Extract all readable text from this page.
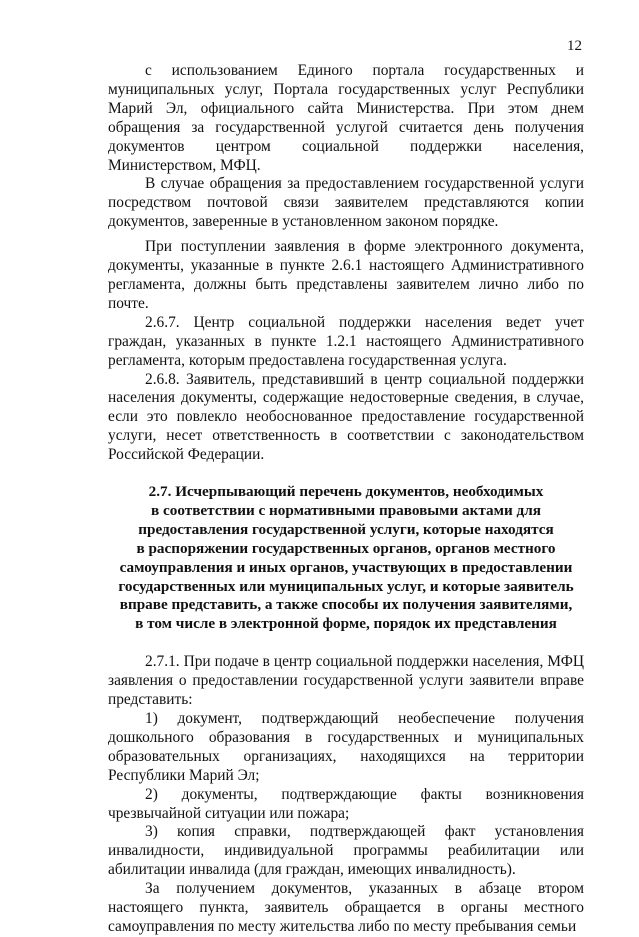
12

с использованием Единого портала государственных и муниципальных услуг, Портала государственных услуг Республики Марий Эл, официального сайта Министерства. При этом днем обращения за государственной услугой считается день получения документов центром социальной поддержки населения, Министерством, МФЦ.

В случае обращения за предоставлением государственной услуги посредством почтовой связи заявителем представляются копии документов, заверенные в установленном законом порядке.

При поступлении заявления в форме электронного документа, документы, указанные в пункте 2.6.1 настоящего Административного регламента, должны быть представлены заявителем лично либо по почте.

2.6.7. Центр социальной поддержки населения ведет учет граждан, указанных в пункте 1.2.1 настоящего Административного регламента, которым предоставлена государственная услуга.

2.6.8. Заявитель, представивший в центр социальной поддержки населения документы, содержащие недостоверные сведения, в случае, если это повлекло необоснованное предоставление государственной услуги, несет ответственность в соответствии с законодательством Российской Федерации.

2.7. Исчерпывающий перечень документов, необходимых
в соответствии с нормативными правовыми актами для
предоставления государственной услуги, которые находятся
в распоряжении государственных органов, органов местного
самоуправления и иных органов, участвующих в предоставлении
государственных или муниципальных услуг, и которые заявитель
вправе представить, а также способы их получения заявителями,
в том числе в электронной форме, порядок их представления

2.7.1. При подаче в центр социальной поддержки населения, МФЦ заявления о предоставлении государственной услуги заявители вправе представить:

1) документ, подтверждающий необеспечение получения дошкольного образования в государственных и муниципальных образовательных организациях, находящихся на территории Республики Марий Эл;

2) документы, подтверждающие факты возникновения чрезвычайной ситуации или пожара;

3) копия справки, подтверждающей факт установления инвалидности, индивидуальной программы реабилитации или абилитации инвалида (для граждан, имеющих инвалидность).

За получением документов, указанных в абзаце втором настоящего пункта, заявитель обращается в органы местного самоуправления по месту жительства либо по месту пребывания семьи
